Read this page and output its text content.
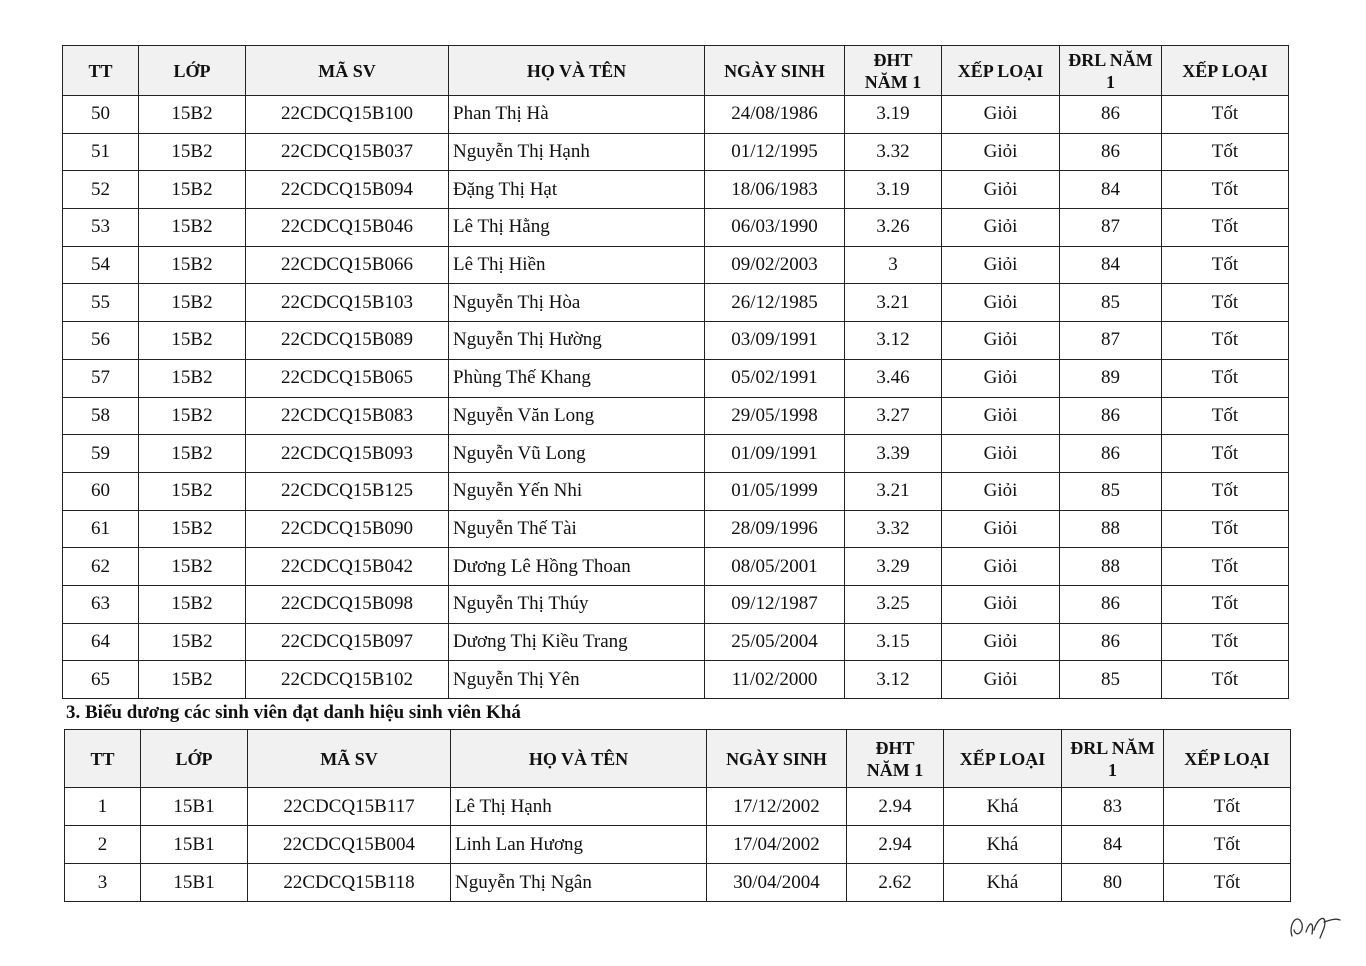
TT	LỚP	MÃ SV	HỌ VÀ TÊN	NGÀY SINH	ĐHT NĂM 1	XẾP LOẠI	ĐRL NĂM 1	XẾP LOẠI
50	15B2	22CDCQ15B100	Phan Thị Hà	24/08/1986	3.19	Giỏi	86	Tốt
51	15B2	22CDCQ15B037	Nguyễn Thị Hạnh	01/12/1995	3.32	Giỏi	86	Tốt
52	15B2	22CDCQ15B094	Đặng Thị Hạt	18/06/1983	3.19	Giỏi	84	Tốt
53	15B2	22CDCQ15B046	Lê Thị Hằng	06/03/1990	3.26	Giỏi	87	Tốt
54	15B2	22CDCQ15B066	Lê Thị Hiền	09/02/2003	3	Giỏi	84	Tốt
55	15B2	22CDCQ15B103	Nguyễn Thị Hòa	26/12/1985	3.21	Giỏi	85	Tốt
56	15B2	22CDCQ15B089	Nguyễn Thị Hường	03/09/1991	3.12	Giỏi	87	Tốt
57	15B2	22CDCQ15B065	Phùng Thế Khang	05/02/1991	3.46	Giỏi	89	Tốt
58	15B2	22CDCQ15B083	Nguyễn Văn Long	29/05/1998	3.27	Giỏi	86	Tốt
59	15B2	22CDCQ15B093	Nguyễn Vũ Long	01/09/1991	3.39	Giỏi	86	Tốt
60	15B2	22CDCQ15B125	Nguyễn Yến Nhi	01/05/1999	3.21	Giỏi	85	Tốt
61	15B2	22CDCQ15B090	Nguyễn Thế Tài	28/09/1996	3.32	Giỏi	88	Tốt
62	15B2	22CDCQ15B042	Dương Lê Hồng Thoan	08/05/2001	3.29	Giỏi	88	Tốt
63	15B2	22CDCQ15B098	Nguyễn Thị Thúy	09/12/1987	3.25	Giỏi	86	Tốt
64	15B2	22CDCQ15B097	Dương Thị Kiều Trang	25/05/2004	3.15	Giỏi	86	Tốt
65	15B2	22CDCQ15B102	Nguyễn Thị Yên	11/02/2000	3.12	Giỏi	85	Tốt
3. Biểu dương các sinh viên đạt danh hiệu sinh viên Khá
TT	LỚP	MÃ SV	HỌ VÀ TÊN	NGÀY SINH	ĐHT NĂM 1	XẾP LOẠI	ĐRL NĂM 1	XẾP LOẠI
1	15B1	22CDCQ15B117	Lê Thị Hạnh	17/12/2002	2.94	Khá	83	Tốt
2	15B1	22CDCQ15B004	Linh Lan Hương	17/04/2002	2.94	Khá	84	Tốt
3	15B1	22CDCQ15B118	Nguyễn Thị Ngân	30/04/2004	2.62	Khá	80	Tốt
